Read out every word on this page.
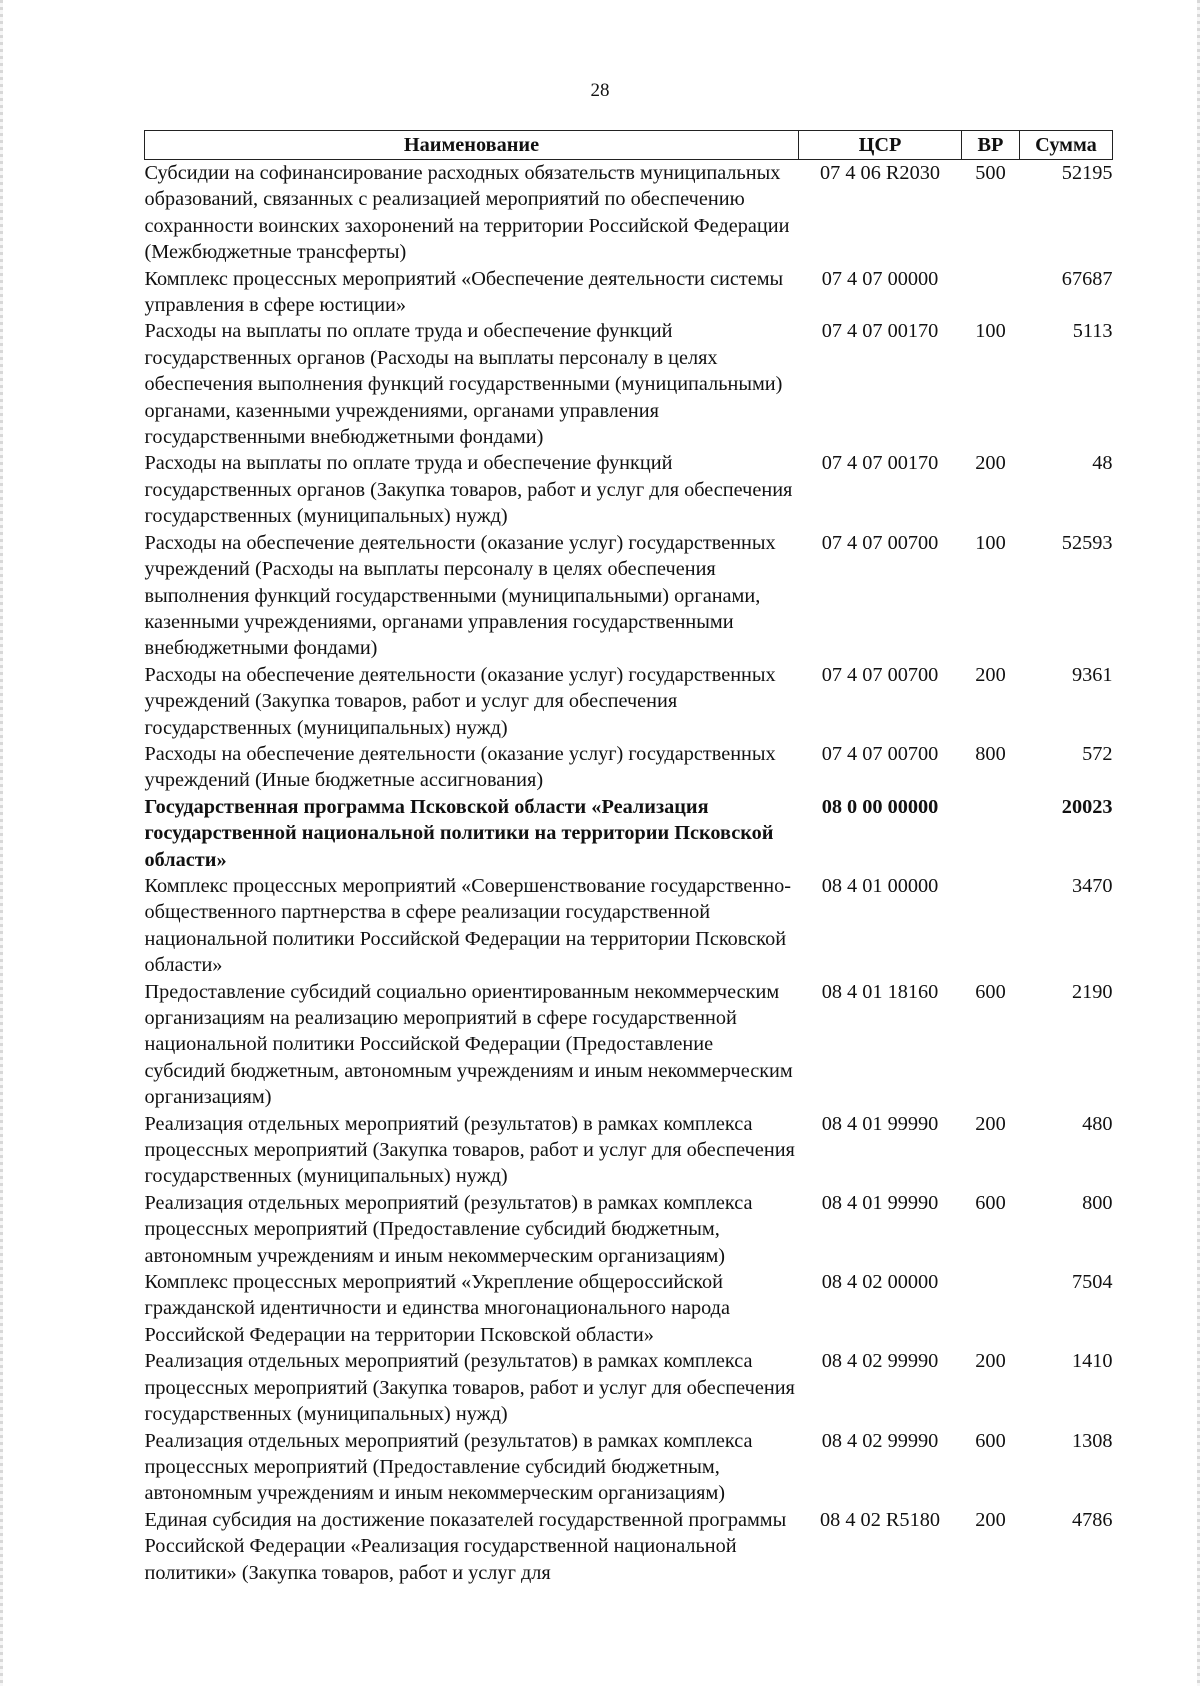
28
Наименование	ЦСР	ВР	Сумма
Субсидии на софинансирование расходных обязательств муниципальных образований, связанных с реализацией мероприятий по обеспечению сохранности воинских захоронений на территории Российской Федерации (Межбюджетные трансферты)	07 4 06 R2030	500	52195
Комплекс процессных мероприятий «Обеспечение деятельности системы управления в сфере юстиции»	07 4 07 00000		67687
Расходы на выплаты по оплате труда и обеспечение функций государственных органов (Расходы на выплаты персоналу в целях обеспечения выполнения функций государственными (муниципальными) органами, казенными учреждениями, органами управления государственными внебюджетными фондами)	07 4 07 00170	100	5113
Расходы на выплаты по оплате труда и обеспечение функций государственных органов (Закупка товаров, работ и услуг для обеспечения государственных (муниципальных) нужд)	07 4 07 00170	200	48
Расходы на обеспечение деятельности (оказание услуг) государственных учреждений (Расходы на выплаты персоналу в целях обеспечения выполнения функций государственными (муниципальными) органами, казенными учреждениями, органами управления государственными внебюджетными фондами)	07 4 07 00700	100	52593
Расходы на обеспечение деятельности (оказание услуг) государственных учреждений (Закупка товаров, работ и услуг для обеспечения государственных (муниципальных) нужд)	07 4 07 00700	200	9361
Расходы на обеспечение деятельности (оказание услуг) государственных учреждений (Иные бюджетные ассигнования)	07 4 07 00700	800	572
Государственная программа Псковской области «Реализация государственной национальной политики на территории Псковской области»	08 0 00 00000		20023
Комплекс процессных мероприятий «Совершенствование государственно-общественного партнерства в сфере реализации государственной национальной политики Российской Федерации на территории Псковской области»	08 4 01 00000		3470
Предоставление субсидий социально ориентированным некоммерческим организациям на реализацию мероприятий в сфере государственной национальной политики Российской Федерации (Предоставление субсидий бюджетным, автономным учреждениям и иным некоммерческим организациям)	08 4 01 18160	600	2190
Реализация отдельных мероприятий (результатов) в рамках комплекса процессных мероприятий (Закупка товаров, работ и услуг для обеспечения государственных (муниципальных) нужд)	08 4 01 99990	200	480
Реализация отдельных мероприятий (результатов) в рамках комплекса процессных мероприятий (Предоставление субсидий бюджетным, автономным учреждениям и иным некоммерческим организациям)	08 4 01 99990	600	800
Комплекс процессных мероприятий «Укрепление общероссийской гражданской идентичности и единства многонационального народа Российской Федерации на территории Псковской области»	08 4 02 00000		7504
Реализация отдельных мероприятий (результатов) в рамках комплекса процессных мероприятий (Закупка товаров, работ и услуг для обеспечения государственных (муниципальных) нужд)	08 4 02 99990	200	1410
Реализация отдельных мероприятий (результатов) в рамках комплекса процессных мероприятий (Предоставление субсидий бюджетным, автономным учреждениям и иным некоммерческим организациям)	08 4 02 99990	600	1308
Единая субсидия на достижение показателей государственной программы Российской Федерации «Реализация государственной национальной политики» (Закупка товаров, работ и услуг для	08 4 02 R5180	200	4786
